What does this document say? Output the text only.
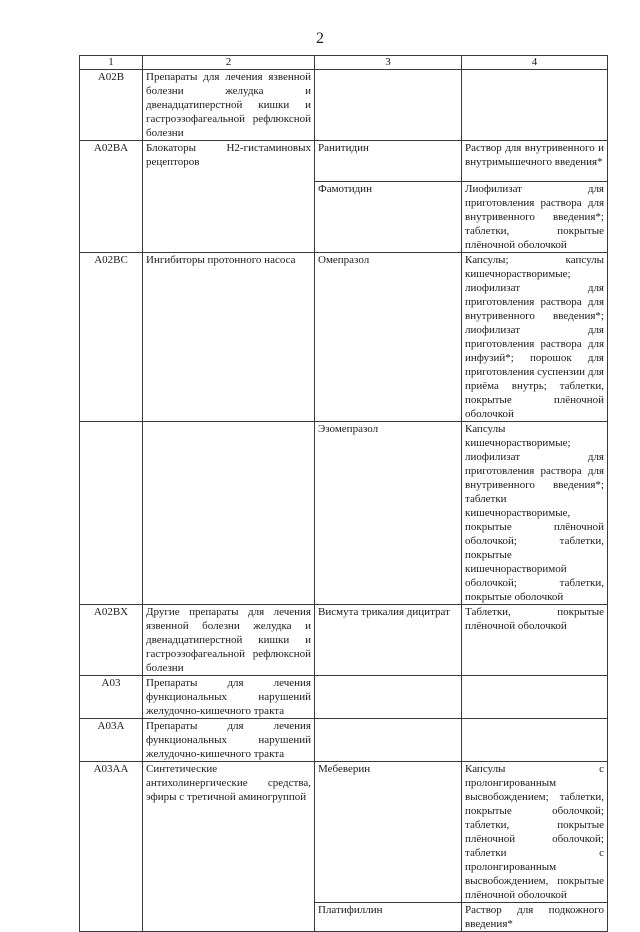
2
1	2	3	4
A02B	Препараты для лечения язвенной болезни желудка и двенадцатиперстной кишки и гастроэзофагеальной рефлюксной болезни		
A02BA	Блокаторы Н2-гистаминовых рецепторов	Ранитидин	Раствор для внутривенного и внутримышечного введения*
		Фамотидин	Лиофилизат для приготовления раствора для внутривенного введения*; таблетки, покрытые плёночной оболочкой
A02BC	Ингибиторы протонного насоса	Омепразол	Капсулы; капсулы кишечнорастворимые; лиофилизат для приготовления раствора для внутривенного введения*; лиофилизат для приготовления раствора для инфузий*; порошок для приготовления суспензии для приёма внутрь; таблетки, покрытые плёночной оболочкой
		Эзомепразол	Капсулы кишечнорастворимые; лиофилизат для приготовления раствора для внутривенного введения*; таблетки кишечнорастворимые, покрытые плёночной оболочкой; таблетки, покрытые кишечнорастворимой оболочкой; таблетки, покрытые оболочкой
A02BX	Другие препараты для лечения язвенной болезни желудка и двенадцатиперстной кишки и гастроэзофагеальной рефлюксной болезни	Висмута трикалия дицитрат	Таблетки, покрытые плёночной оболочкой
A03	Препараты для лечения функциональных нарушений желудочно-кишечного тракта		
A03A	Препараты для лечения функциональных нарушений желудочно-кишечного тракта		
A03AA	Синтетические антихолинергические средства, эфиры с третичной аминогруппой	Мебеверин	Капсулы с пролонгированным высвобождением; таблетки, покрытые оболочкой; таблетки, покрытые плёночной оболочкой; таблетки с пролонгированным высвобождением, покрытые плёночной оболочкой
		Платифиллин	Раствор для подкожного введения*
